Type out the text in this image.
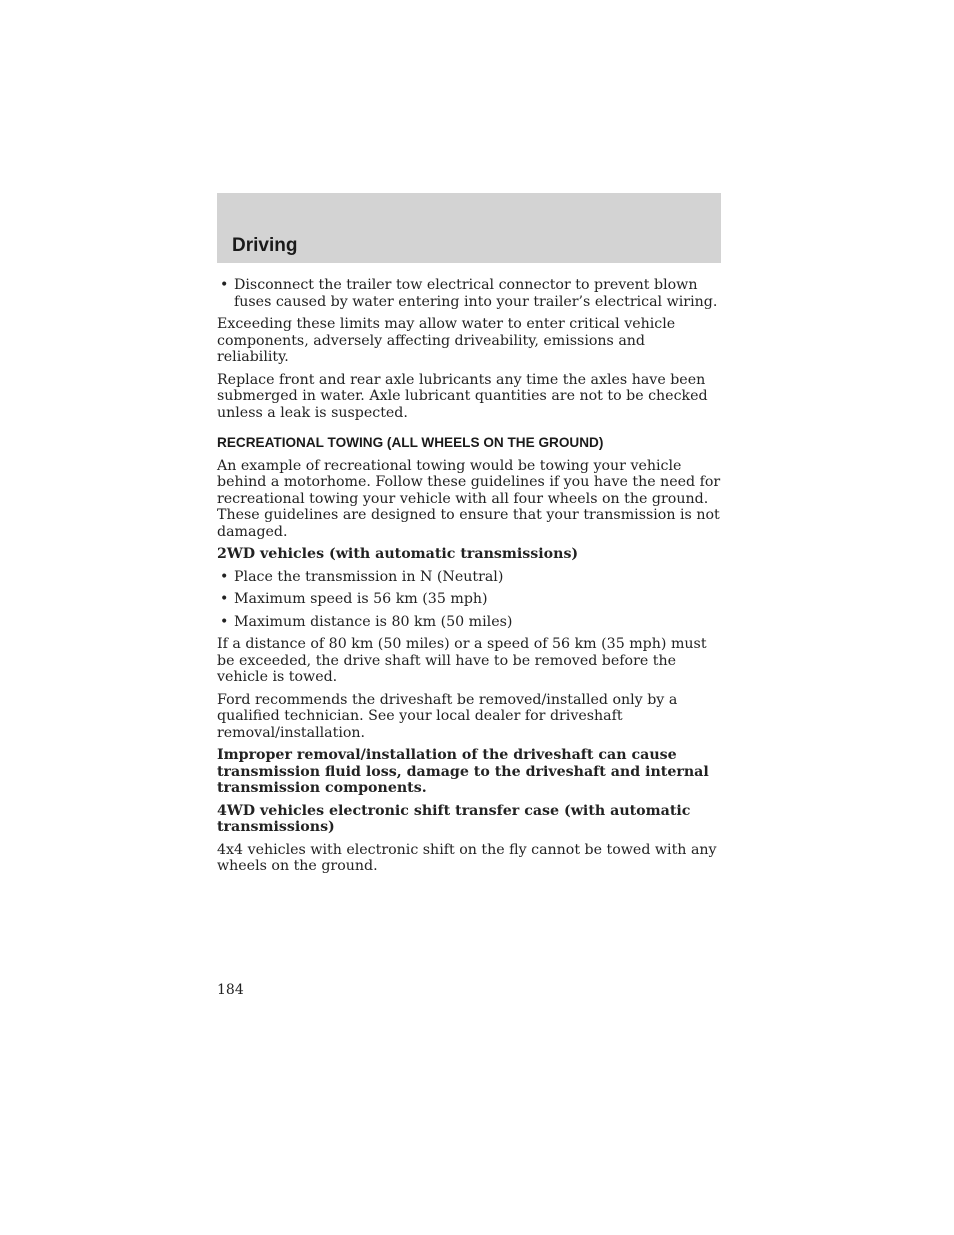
Driving
• Disconnect the trailer tow electrical connector to prevent blown fuses caused by water entering into your trailer’s electrical wiring.

Exceeding these limits may allow water to enter critical vehicle components, adversely affecting driveability, emissions and reliability.

Replace front and rear axle lubricants any time the axles have been submerged in water. Axle lubricant quantities are not to be checked unless a leak is suspected.

RECREATIONAL TOWING (ALL WHEELS ON THE GROUND)

An example of recreational towing would be towing your vehicle behind a motorhome. Follow these guidelines if you have the need for recreational towing your vehicle with all four wheels on the ground. These guidelines are designed to ensure that your transmission is not damaged.

2WD vehicles (with automatic transmissions)

• Place the transmission in N (Neutral)
• Maximum speed is 56 km (35 mph)
• Maximum distance is 80 km (50 miles)

If a distance of 80 km (50 miles) or a speed of 56 km (35 mph) must be exceeded, the drive shaft will have to be removed before the vehicle is towed.

Ford recommends the driveshaft be removed/installed only by a qualified technician. See your local dealer for driveshaft removal/installation.

Improper removal/installation of the driveshaft can cause transmission fluid loss, damage to the driveshaft and internal transmission components.

4WD vehicles electronic shift transfer case (with automatic transmissions)

4x4 vehicles with electronic shift on the fly cannot be towed with any wheels on the ground.

184
